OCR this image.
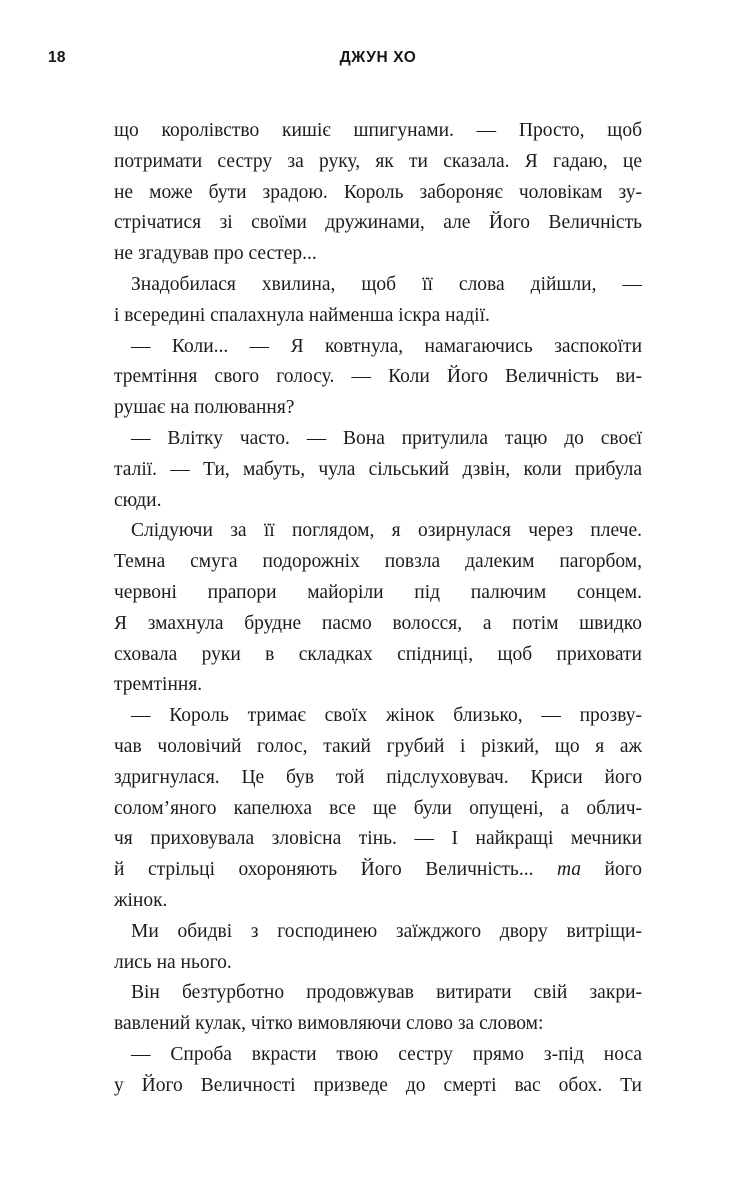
18	ДЖУН ХО
що королівство кишіє шпигунами. — Просто, щоб
потримати сестру за руку, як ти сказала. Я гадаю, це
не може бути зрадою. Король забороняє чоловікам зу-
стрічатися зі своїми дружинами, але Його Величність
не згадував про сестер...
Знадобилася хвилина, щоб її слова дійшли, —
і всередині спалахнула найменша іскра надії.
— Коли... — Я ковтнула, намагаючись заспокоїти
тремтіння свого голосу. — Коли Його Величність ви-
рушає на полювання?
— Влітку часто. — Вона притулила тацю до своєї
талії. — Ти, мабуть, чула сільський дзвін, коли прибула
сюди.
Слідуючи за її поглядом, я озирнулася через плече.
Темна смуга подорожніх повзла далеким пагорбом,
червоні прапори майоріли під палючим сонцем.
Я змахнула брудне пасмо волосся, а потім швидко
сховала руки в складках спідниці, щоб приховати
тремтіння.
— Король тримає своїх жінок близько, — прозву-
чав чоловічий голос, такий грубий і різкий, що я аж
здригнулася. Це був той підслуховувач. Криси його
солом’яного капелюха все ще були опущені, а облич-
чя приховувала зловісна тінь. — І найкращі мечники
й стрільці охороняють Його Величність... та його
жінок.
Ми обидві з господинею заїжджого двору витріщи-
лись на нього.
Він безтурботно продовжував витирати свій закри-
вавлений кулак, чітко вимовляючи слово за словом:
— Спроба вкрасти твою сестру прямо з-під носа
у Його Величності призведе до смерті вас обох. Ти
